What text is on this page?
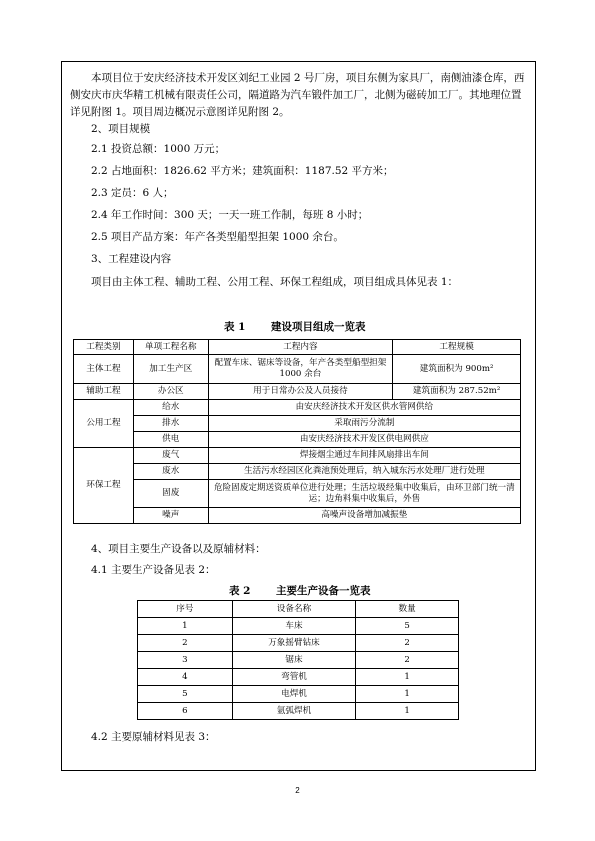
本项目位于安庆经济技术开发区刘纪工业园 2 号厂房，项目东侧为家具厂，南侧油漆仓库，西侧安庆市庆华精工机械有限责任公司，隔道路为汽车锻件加工厂，北侧为磁砖加工厂。其地理位置详见附图 1。项目周边概况示意图详见附图 2。

2、项目规模

2.1 投资总额：1000 万元；

2.2 占地面积：1826.62 平方米；建筑面积：1187.52 平方米；

2.3 定员：6 人；

2.4 年工作时间：300 天；一天一班工作制，每班 8 小时；

2.5 项目产品方案：年产各类型船型担架 1000 余台。

3、工程建设内容

项目由主体工程、辅助工程、公用工程、环保工程组成，项目组成具体见表 1：

表 1       建设项目组成一览表
工程类别	单项工程名称	工程内容	工程规模
主体工程	加工生产区	配置车床、锯床等设备，年产各类型船型担架 1000 余台	建筑面积为 900m²
辅助工程	办公区	用于日常办公及人员接待	建筑面积为 287.52m²
公用工程	给水	由安庆经济技术开发区供水管网供给	
	排水	采取雨污分流制	
	供电	由安庆经济技术开发区供电网供应	
环保工程	废气	焊接烟尘通过车间排风扇排出车间	
	废水	生活污水经园区化粪池预处理后，纳入城东污水处理厂进行处理	
	固废	危险固废定期送资质单位进行处理；生活垃圾经集中收集后，由环卫部门统一清运；边角料集中收集后，外售	
	噪声	高噪声设备增加减振垫	

4、项目主要生产设备以及原辅材料：

4.1 主要生产设备见表 2：

表 2       主要生产设备一览表
序号	设备名称	数量
1	车床	5
2	万象摇臂钻床	2
3	锯床	2
4	弯管机	1
5	电焊机	1
6	氩弧焊机	1

4.2 主要原辅材料见表 3：

2
